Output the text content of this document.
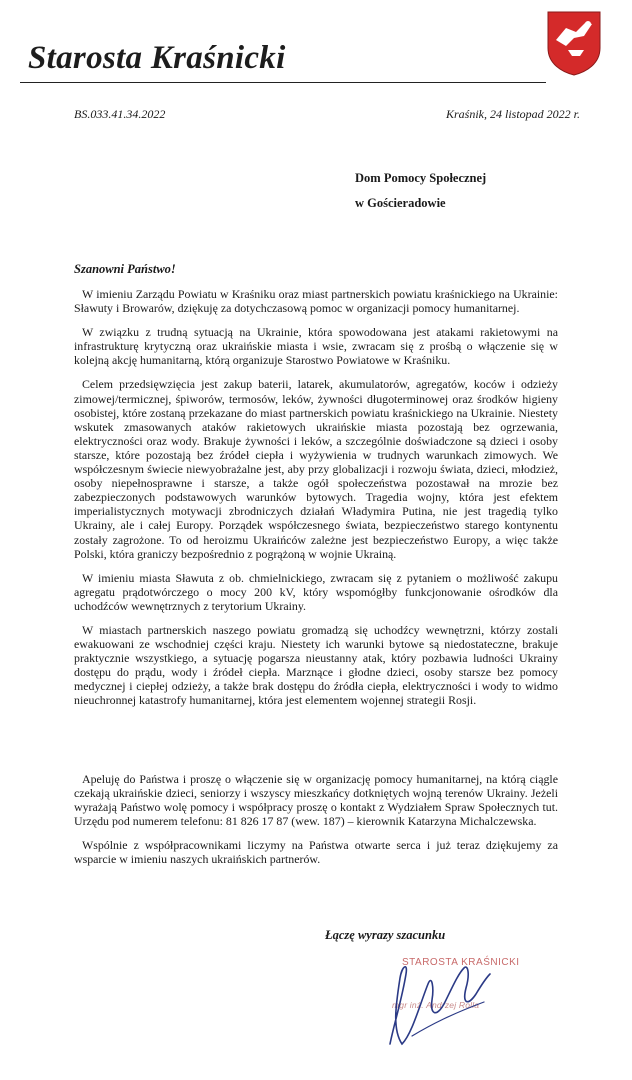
Starosta Kraśnicki
BS.033.41.34.2022	Kraśnik, 24 listopad 2022 r.
Dom Pomocy Społecznej
w Gościeradowie
Szanowni Państwo!

W imieniu Zarządu Powiatu w Kraśniku oraz miast partnerskich powiatu kraśnickiego na Ukrainie: Sławuty i Browarów, dziękuję za dotychczasową pomoc w organizacji pomocy humanitarnej.

W związku z trudną sytuacją na Ukrainie, która spowodowana jest atakami rakietowymi na infrastrukturę krytyczną oraz ukraińskie miasta i wsie, zwracam się z prośbą o włączenie się w kolejną akcję humanitarną, którą organizuje Starostwo Powiatowe w Kraśniku.

Celem przedsięwzięcia jest zakup baterii, latarek, akumulatorów, agregatów, koców i odzieży zimowej/termicznej, śpiworów, termosów, leków, żywności długoterminowej oraz środków higieny osobistej, które zostaną przekazane do miast partnerskich powiatu kraśnickiego na Ukrainie. Niestety wskutek zmasowanych ataków rakietowych ukraińskie miasta pozostają bez ogrzewania, elektryczności oraz wody. Brakuje żywności i leków, a szczególnie doświadczone są dzieci i osoby starsze, które pozostają bez źródeł ciepła i wyżywienia w trudnych warunkach zimowych. We współczesnym świecie niewyobrażalne jest, aby przy globalizacji i rozwoju świata, dzieci, młodzież, osoby niepełnosprawne i starsze, a także ogół społeczeństwa pozostawał na mrozie bez zabezpieczonych podstawowych warunków bytowych. Tragedia wojny, która jest efektem imperialistycznych motywacji zbrodniczych działań Władymira Putina, nie jest tragedią tylko Ukrainy, ale i całej Europy. Porządek współczesnego świata, bezpieczeństwo starego kontynentu zostały zagrożone. To od heroizmu Ukraińców zależne jest bezpieczeństwo Europy, a więc także Polski, która graniczy bezpośrednio z pogrążoną w wojnie Ukrainą.

W imieniu miasta Sławuta z ob. chmielnickiego, zwracam się z pytaniem o możliwość zakupu agregatu prądotwórczego o mocy 200 kV, który wspomógłby funkcjonowanie ośrodków dla uchodźców wewnętrznych z terytorium Ukrainy.

W miastach partnerskich naszego powiatu gromadzą się uchodźcy wewnętrzni, którzy zostali ewakuowani ze wschodniej części kraju. Niestety ich warunki bytowe są niedostateczne, brakuje praktycznie wszystkiego, a sytuację pogarsza nieustanny atak, który pozbawia ludności Ukrainy dostępu do prądu, wody i źródeł ciepła. Marznące i głodne dzieci, osoby starsze bez pomocy medycznej i ciepłej odzieży, a także brak dostępu do źródła ciepła, elektryczności i wody to widmo nieuchronnej katastrofy humanitarnej, która jest elementem wojennej strategii Rosji.

Apeluję do Państwa i proszę o włączenie się w organizację pomocy humanitarnej, na którą ciągle czekają ukraińskie dzieci, seniorzy i wszyscy mieszkańcy dotkniętych wojną terenów Ukrainy. Jeżeli wyrażają Państwo wolę pomocy i współpracy proszę o kontakt z Wydziałem Spraw Społecznych tut. Urzędu pod numerem telefonu: 81 826 17 87 (wew. 187) – kierownik Katarzyna Michalczewska.

Wspólnie z współpracownikami liczymy na Państwa otwarte serca i już teraz dziękujemy za wsparcie w imieniu naszych ukraińskich partnerów.

Łączę wyrazy szacunku
STAROSTA KRAŚNICKI
mgr inż. Andrzej Rolla
